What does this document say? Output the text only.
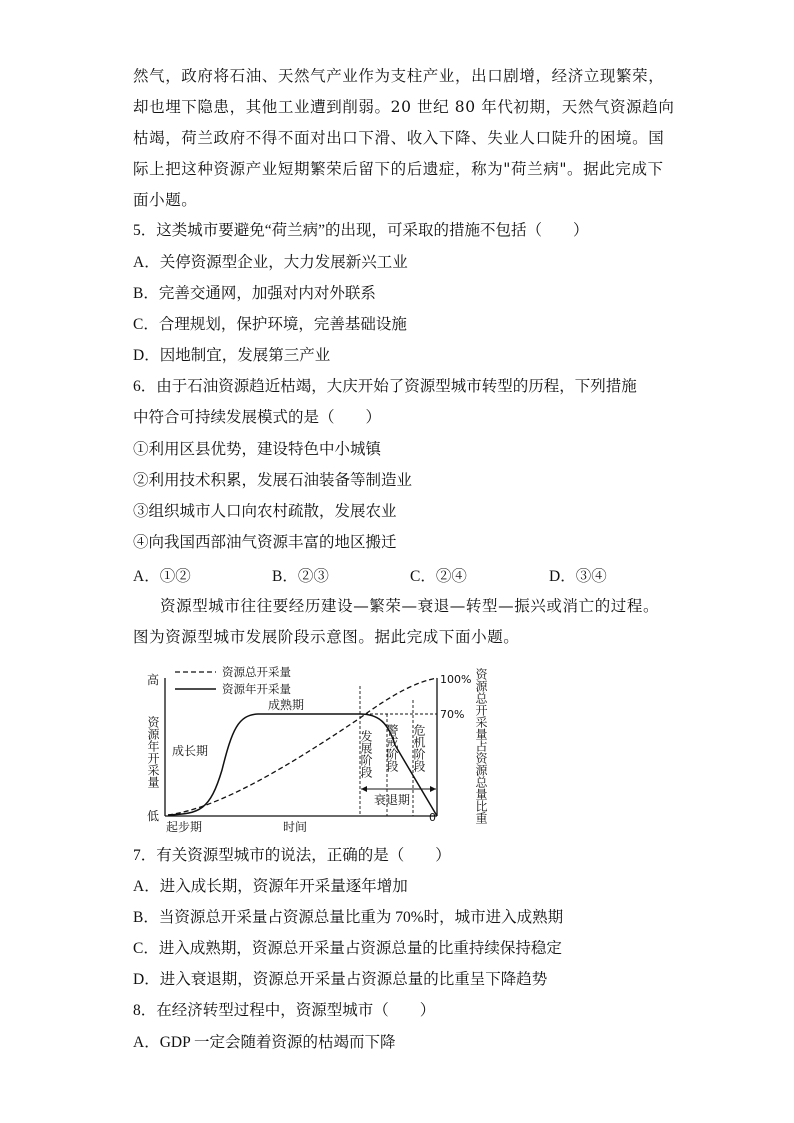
然气，政府将石油、天然气产业作为支柱产业，出口剧增，经济立现繁荣，
却也埋下隐患，其他工业遭到削弱。20 世纪 80 年代初期，天然气资源趋向
枯竭，荷兰政府不得不面对出口下滑、收入下降、失业人口陡升的困境。国
际上把这种资源产业短期繁荣后留下的后遗症，称为"荷兰病"。据此完成下
面小题。
5．这类城市要避免“荷兰病”的出现，可采取的措施不包括（　　）
A．关停资源型企业，大力发展新兴工业
B．完善交通网，加强对内对外联系
C．合理规划，保护环境，完善基础设施
D．因地制宜，发展第三产业
6．由于石油资源趋近枯竭，大庆开始了资源型城市转型的历程，下列措施
中符合可持续发展模式的是（　　）
①利用区县优势，建设特色中小城镇
②利用技术积累，发展石油装备等制造业
③组织城市人口向农村疏散，发展农业
④向我国西部油气资源丰富的地区搬迁
A．①②	B．②③	C．②④	D．③④
资源型城市往往要经历建设—繁荣—衰退—转型—振兴或消亡的过程。
图为资源型城市发展阶段示意图。据此完成下面小题。
资源总开采量
资源年开采量
高
低
资源年开采量
100%
70%
0	资源总开采量占资源总量比重
成长期
成熟期
发展阶段 警戒阶段 危机阶段
衰退期
起步期	时间
7．有关资源型城市的说法，正确的是（　　）
A．进入成长期，资源年开采量逐年增加
B．当资源总开采量占资源总量比重为 70%时，城市进入成熟期
C．进入成熟期，资源总开采量占资源总量的比重持续保持稳定
D．进入衰退期，资源总开采量占资源总量的比重呈下降趋势
8．在经济转型过程中，资源型城市（　　）
A．GDP 一定会随着资源的枯竭而下降
